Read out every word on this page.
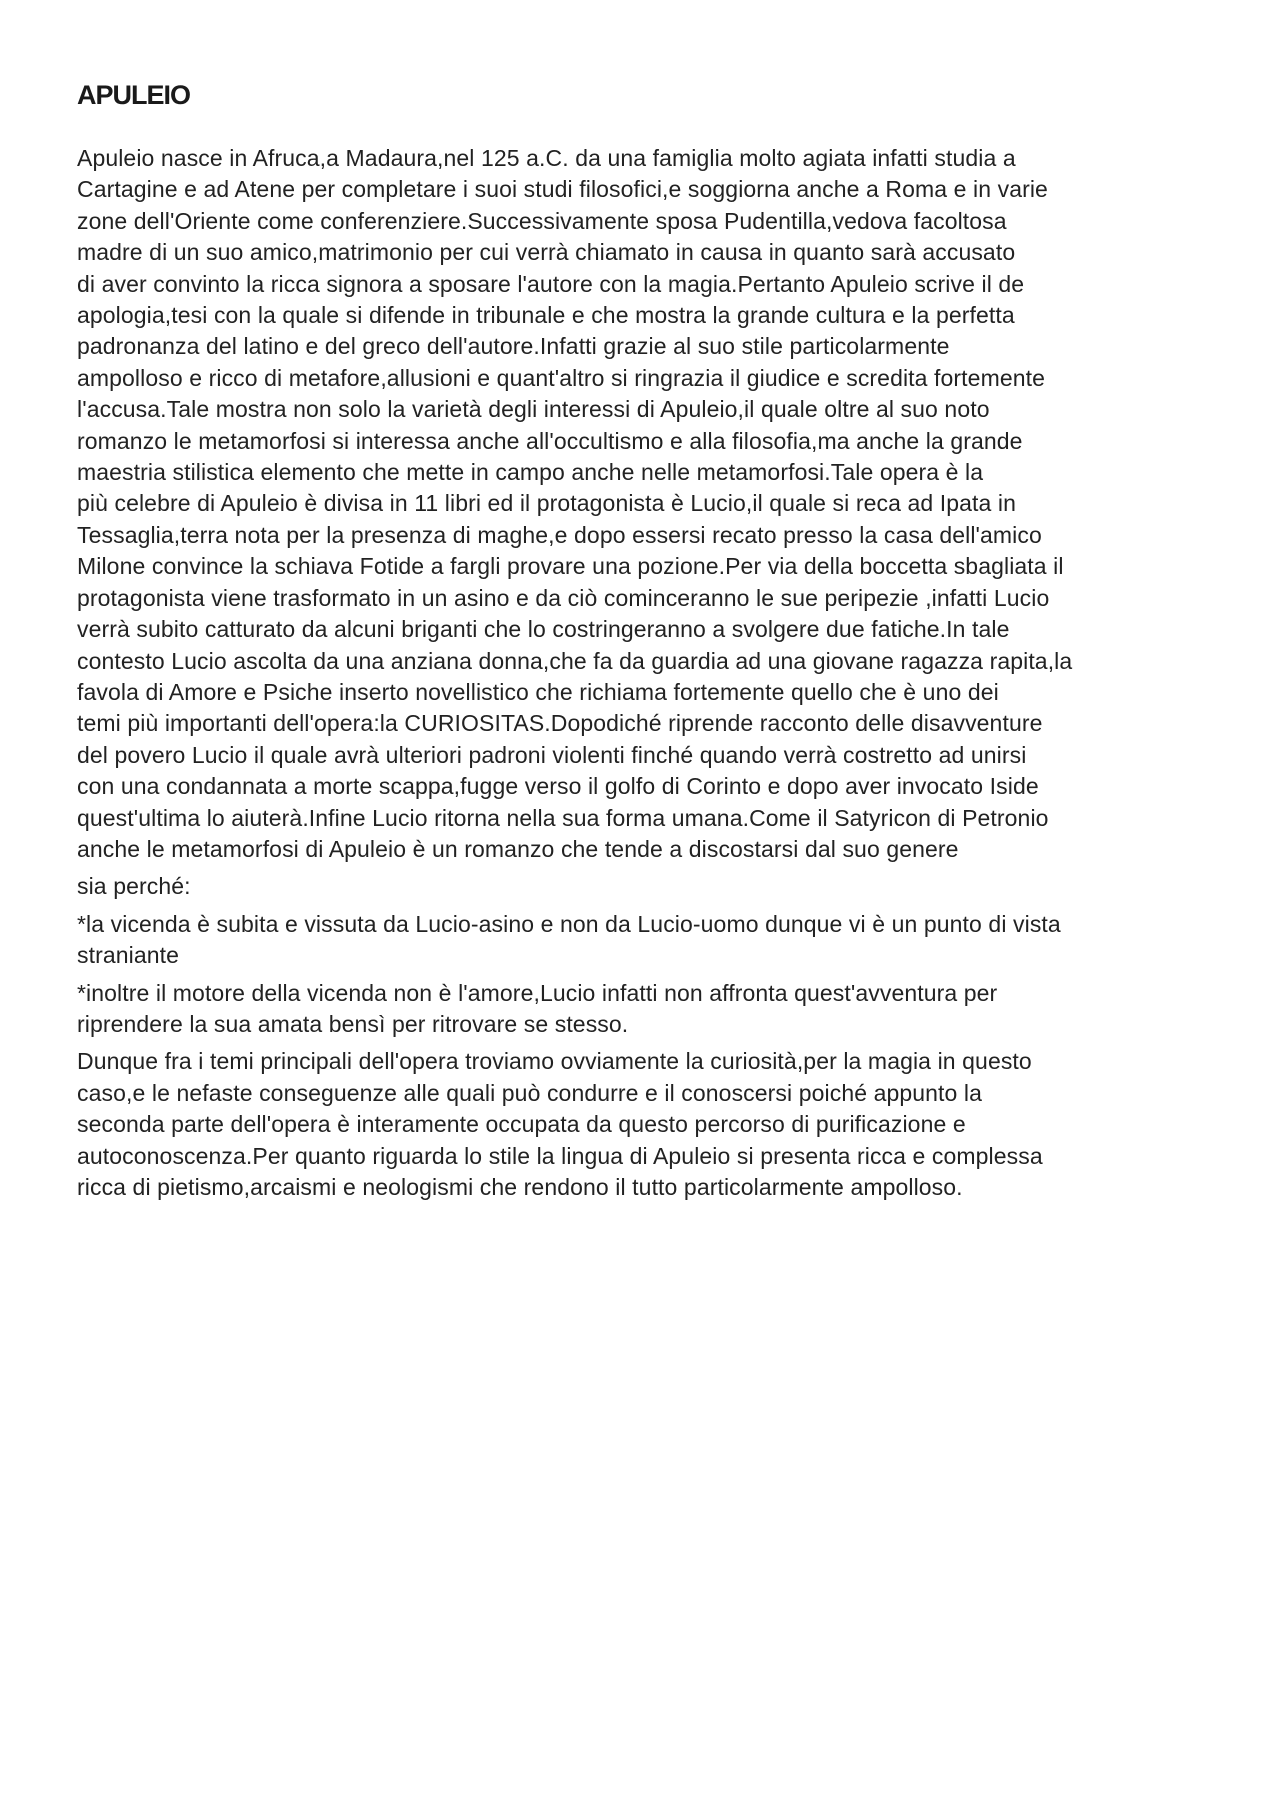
APULEIO

Apuleio nasce in Afruca,a Madaura,nel 125 a.C. da una famiglia molto agiata infatti studia a
Cartagine e ad Atene per completare i suoi studi filosofici,e soggiorna anche a Roma e in varie
zone dell'Oriente come conferenziere.Successivamente sposa Pudentilla,vedova facoltosa
madre di un suo amico,matrimonio per cui verrà chiamato in causa in quanto sarà accusato
di aver convinto la ricca signora a sposare l'autore con la magia.Pertanto Apuleio scrive il de
apologia,tesi con la quale si difende in tribunale e che mostra la grande cultura e la perfetta
padronanza del latino e del greco dell'autore.Infatti grazie al suo stile particolarmente
ampolloso e ricco di metafore,allusioni e quant'altro si ringrazia il giudice e scredita fortemente
l'accusa.Tale mostra non solo la varietà degli interessi di Apuleio,il quale oltre al suo noto
romanzo le metamorfosi si interessa anche all'occultismo e alla filosofia,ma anche la grande
maestria stilistica elemento che mette in campo anche nelle metamorfosi.Tale opera è la
più celebre di Apuleio è divisa in 11 libri ed il protagonista è Lucio,il quale si reca ad Ipata in
Tessaglia,terra nota per la presenza di maghe,e dopo essersi recato presso la casa dell'amico
Milone convince la schiava Fotide a fargli provare una pozione.Per via della boccetta sbagliata il
protagonista viene trasformato in un asino e da ciò cominceranno le sue peripezie ,infatti Lucio
verrà subito catturato da alcuni briganti che lo costringeranno a svolgere due fatiche.In tale
contesto Lucio ascolta da una anziana donna,che fa da guardia ad una giovane ragazza rapita,la
favola di Amore e Psiche inserto novellistico che richiama fortemente quello che è uno dei
temi più importanti dell'opera:la CURIOSITAS.Dopodiché riprende racconto delle disavventure
del povero Lucio il quale avrà ulteriori padroni violenti finché quando verrà costretto ad unirsi
con una condannata a morte scappa,fugge verso il golfo di Corinto e dopo aver invocato Iside
quest'ultima lo aiuterà.Infine Lucio ritorna nella sua forma umana.Come il Satyricon di Petronio
anche le metamorfosi di Apuleio è un romanzo che tende a discostarsi dal suo genere

sia perché:

*la vicenda è subita e vissuta da Lucio-asino e non da Lucio-uomo dunque vi è un punto di vista
straniante

*inoltre il motore della vicenda non è l'amore,Lucio infatti non affronta quest'avventura per
riprendere la sua amata bensì per ritrovare se stesso.

Dunque fra i temi principali dell'opera troviamo ovviamente la curiosità,per la magia in questo
caso,e le nefaste conseguenze alle quali può condurre e il conoscersi poiché appunto la
seconda parte dell'opera è interamente occupata da questo percorso di purificazione e
autoconoscenza.Per quanto riguarda lo stile la lingua di Apuleio si presenta ricca e complessa
ricca di pietismo,arcaismi e neologismi che rendono il tutto particolarmente ampolloso.
